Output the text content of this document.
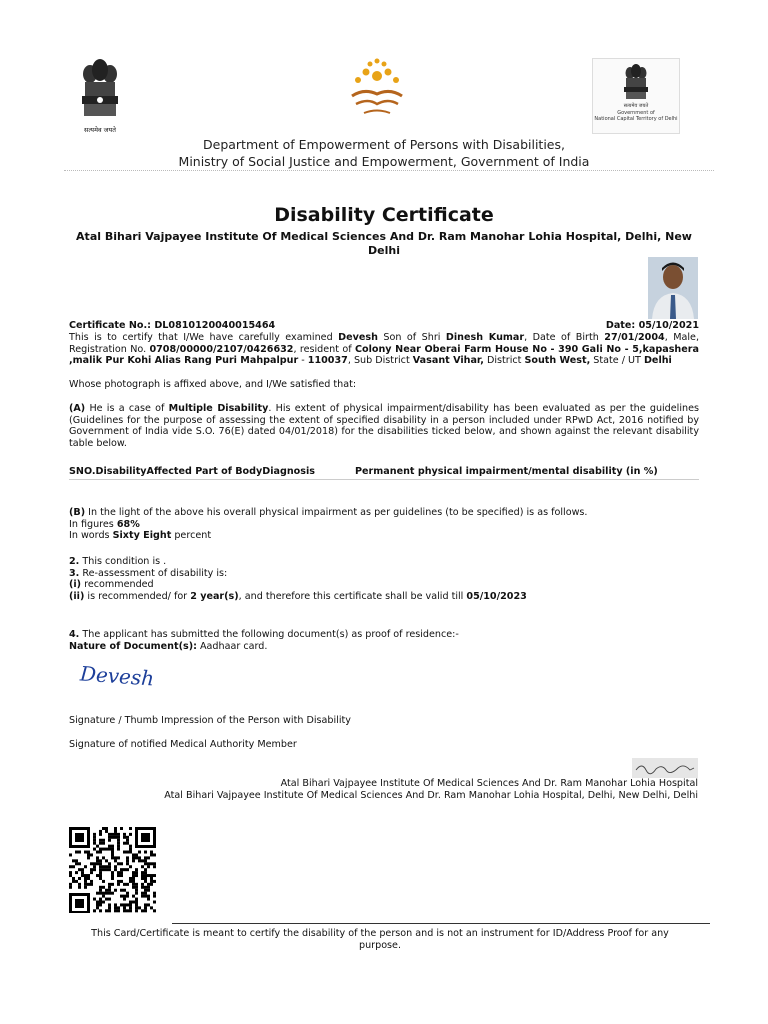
सत्यमेव जयते
सत्यमेव जयते
Government of
National Capital Territory of Delhi
Department of Empowerment of Persons with Disabilities,
Ministry of Social Justice and Empowerment, Government of India
Disability Certificate
Atal Bihari Vajpayee Institute Of Medical Sciences And Dr. Ram Manohar Lohia Hospital, Delhi, New Delhi
Certificate No.: DL0810120040015464	Date: 05/10/2021
This is to certify that I/We have carefully examined Devesh Son of Shri Dinesh Kumar, Date of Birth 27/01/2004, Male, Registration No. 0708/00000/2107/0426632, resident of Colony Near Oberai Farm House No - 390 Gali No - 5,kapashera ,malik Pur Kohi Alias Rang Puri Mahpalpur - 110037, Sub District Vasant Vihar, District South West, State / UT Delhi
Whose photograph is affixed above, and I/We satisfied that:
(A) He is a case of Multiple Disability. His extent of physical impairment/disability has been evaluated as per the guidelines (Guidelines for the purpose of assessing the extent of specified disability in a person included under RPwD Act, 2016 notified by Government of India vide S.O. 76(E) dated 04/01/2018) for the disabilities ticked below, and shown against the relevant disability table below.
SNO.DisabilityAffected Part of BodyDiagnosis	Permanent physical impairment/mental disability (in %)
(B) In the light of the above his overall physical impairment as per guidelines (to be specified) is as follows.
In figures 68%
In words Sixty Eight percent
2. This condition is .
3. Re-assessment of disability is:
(i) recommended
(ii) is recommended/ for 2 year(s), and therefore this certificate shall be valid till 05/10/2023
4. The applicant has submitted the following document(s) as proof of residence:-
Nature of Document(s): Aadhaar card.
Devesh
Signature / Thumb Impression of the Person with Disability
Signature of notified Medical Authority Member
Atal Bihari Vajpayee Institute Of Medical Sciences And Dr. Ram Manohar Lohia Hospital
Atal Bihari Vajpayee Institute Of Medical Sciences And Dr. Ram Manohar Lohia Hospital, Delhi, New Delhi, Delhi
This Card/Certificate is meant to certify the disability of the person and is not an instrument for ID/Address Proof for any purpose.
